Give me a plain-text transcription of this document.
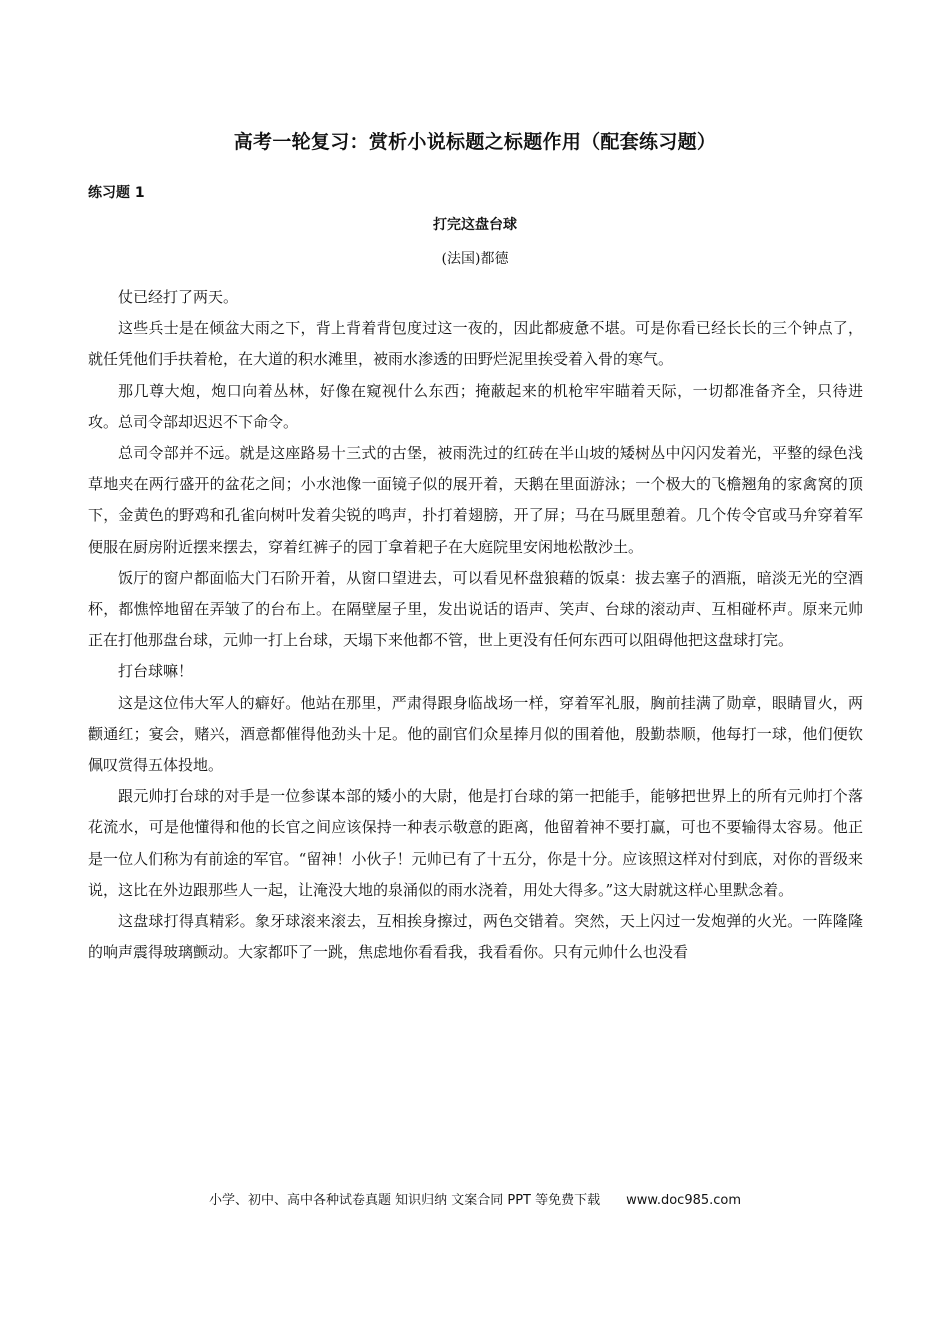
高考一轮复习：赏析小说标题之标题作用（配套练习题）
练习题 1
打完这盘台球
(法国)都德

仗已经打了两天。

这些兵士是在倾盆大雨之下，背上背着背包度过这一夜的，因此都疲惫不堪。可是你看已经长长的三个钟点了，就任凭他们手扶着枪，在大道的积水滩里，被雨水渗透的田野烂泥里挨受着入骨的寒气。

那几尊大炮，炮口向着丛林，好像在窥视什么东西；掩蔽起来的机枪牢牢瞄着天际，一切都准备齐全，只待进攻。总司令部却迟迟不下命令。

总司令部并不远。就是这座路易十三式的古堡，被雨洗过的红砖在半山坡的矮树丛中闪闪发着光，平整的绿色浅草地夹在两行盛开的盆花之间；小水池像一面镜子似的展开着，天鹅在里面游泳；一个极大的飞檐翘角的家禽窝的顶下，金黄色的野鸡和孔雀向树叶发着尖锐的鸣声，扑打着翅膀，开了屏；马在马厩里憩着。几个传令官或马弁穿着军便服在厨房附近摆来摆去，穿着红裤子的园丁拿着耙子在大庭院里安闲地松散沙土。

饭厅的窗户都面临大门石阶开着，从窗口望进去，可以看见杯盘狼藉的饭桌：拔去塞子的酒瓶，暗淡无光的空酒杯，都憔悴地留在弄皱了的台布上。在隔壁屋子里，发出说话的语声、笑声、台球的滚动声、互相碰杯声。原来元帅正在打他那盘台球，元帅一打上台球，天塌下来他都不管，世上更没有任何东西可以阻碍他把这盘球打完。

打台球嘛！

这是这位伟大军人的癖好。他站在那里，严肃得跟身临战场一样，穿着军礼服，胸前挂满了勋章，眼睛冒火，两颧通红；宴会，赌兴，酒意都催得他劲头十足。他的副官们众星捧月似的围着他，殷勤恭顺，他每打一球，他们便钦佩叹赏得五体投地。

跟元帅打台球的对手是一位参谋本部的矮小的大尉，他是打台球的第一把能手，能够把世界上的所有元帅打个落花流水，可是他懂得和他的长官之间应该保持一种表示敬意的距离，他留着神不要打赢，可也不要输得太容易。他正是一位人们称为有前途的军官。“留神！小伙子！元帅已有了十五分，你是十分。应该照这样对付到底，对你的晋级来说，这比在外边跟那些人一起，让淹没大地的泉涌似的雨水浇着，用处大得多。”这大尉就这样心里默念着。

这盘球打得真精彩。象牙球滚来滚去，互相挨身擦过，两色交错着。突然，天上闪过一发炮弹的火光。一阵隆隆的响声震得玻璃颤动。大家都吓了一跳，焦虑地你看看我，我看看你。只有元帅什么也没看

小学、初中、高中各种试卷真题 知识归纳 文案合同 PPT 等免费下载 www.doc985.com
